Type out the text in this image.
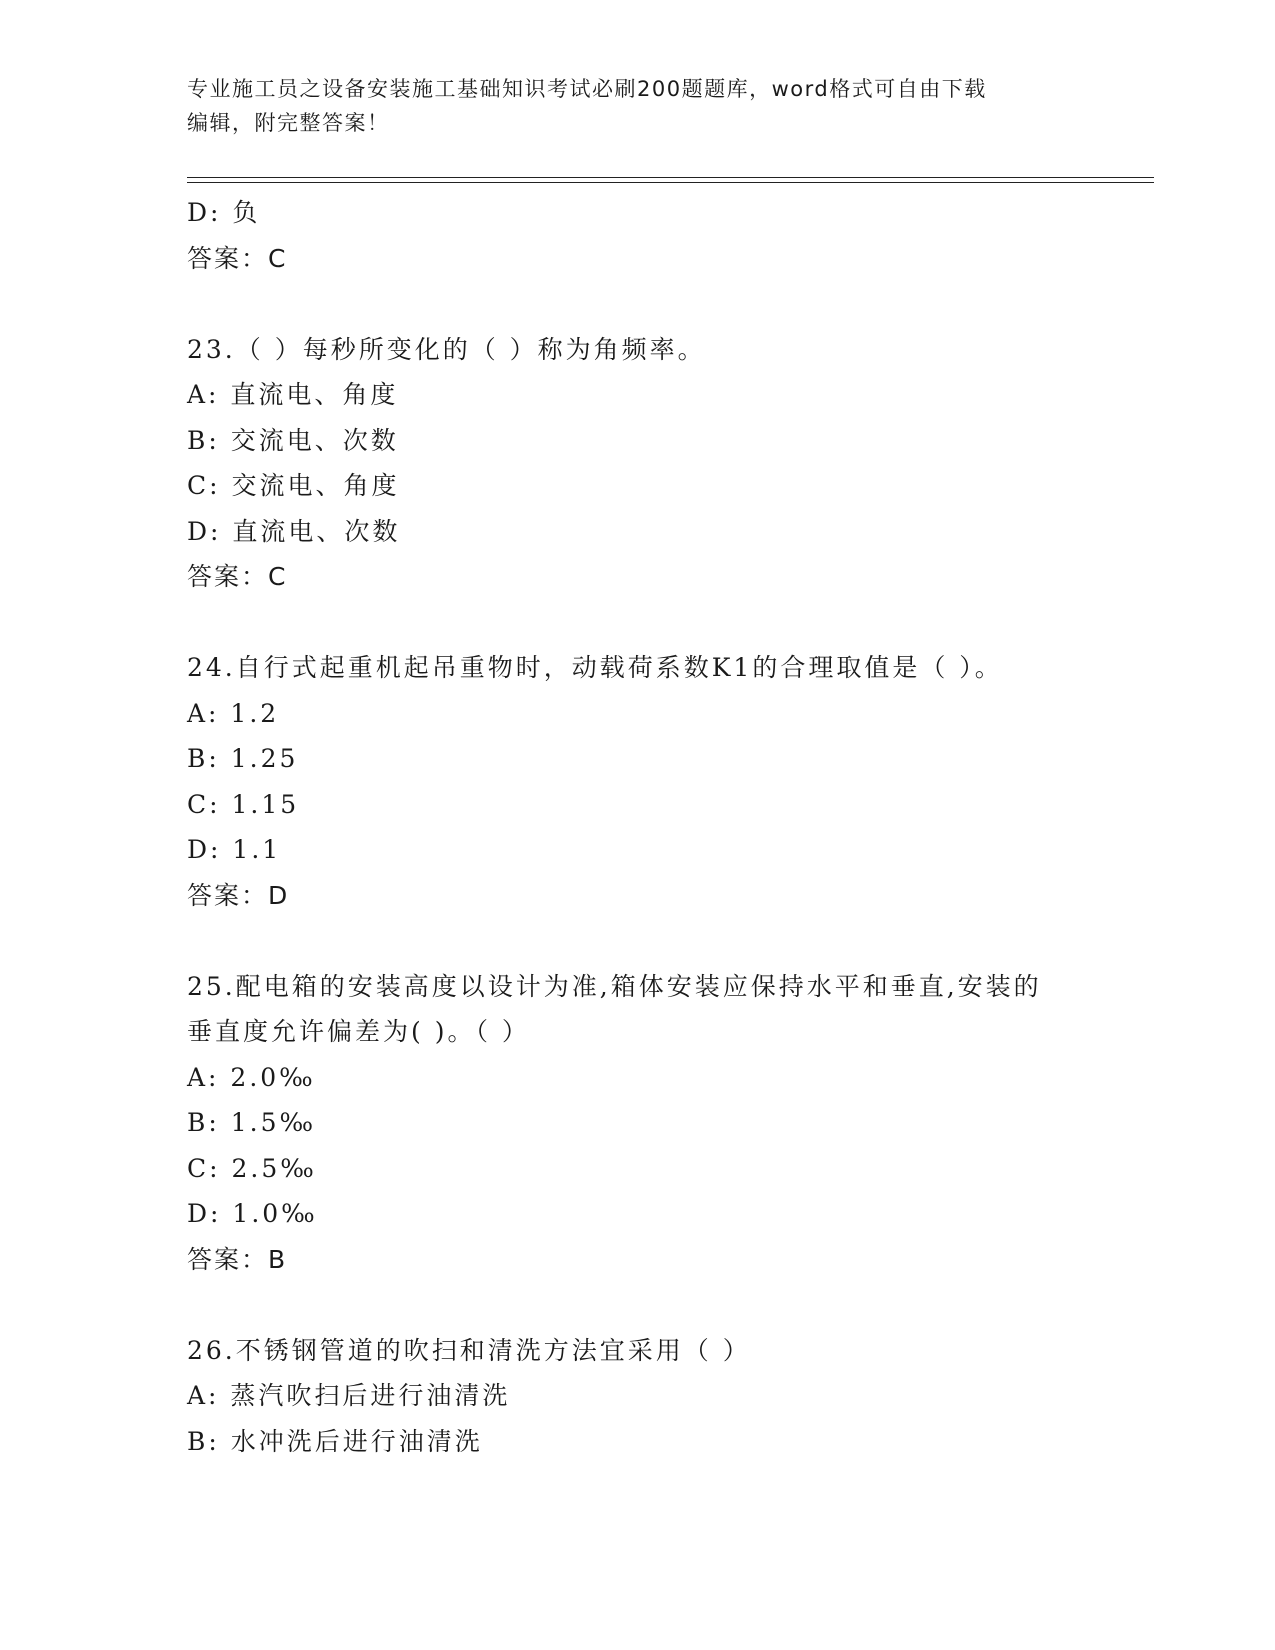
专业施工员之设备安装施工基础知识考试必刷200题题库，word格式可自由下载
编辑，附完整答案！
D: 负
答案：C
23.（ ）每秒所变化的（ ）称为角频率。
A: 直流电、角度
B: 交流电、次数
C: 交流电、角度
D: 直流电、次数
答案：C
24.自行式起重机起吊重物时，动载荷系数K1的合理取值是（ ）。
A: 1.2
B: 1.25
C: 1.15
D: 1.1
答案：D
25.配电箱的安装高度以设计为准,箱体安装应保持水平和垂直,安装的
垂直度允许偏差为( )。（ ）
A: 2.0‰
B: 1.5‰
C: 2.5‰
D: 1.0‰
答案：B
26.不锈钢管道的吹扫和清洗方法宜采用（ ）
A: 蒸汽吹扫后进行油清洗
B: 水冲洗后进行油清洗
